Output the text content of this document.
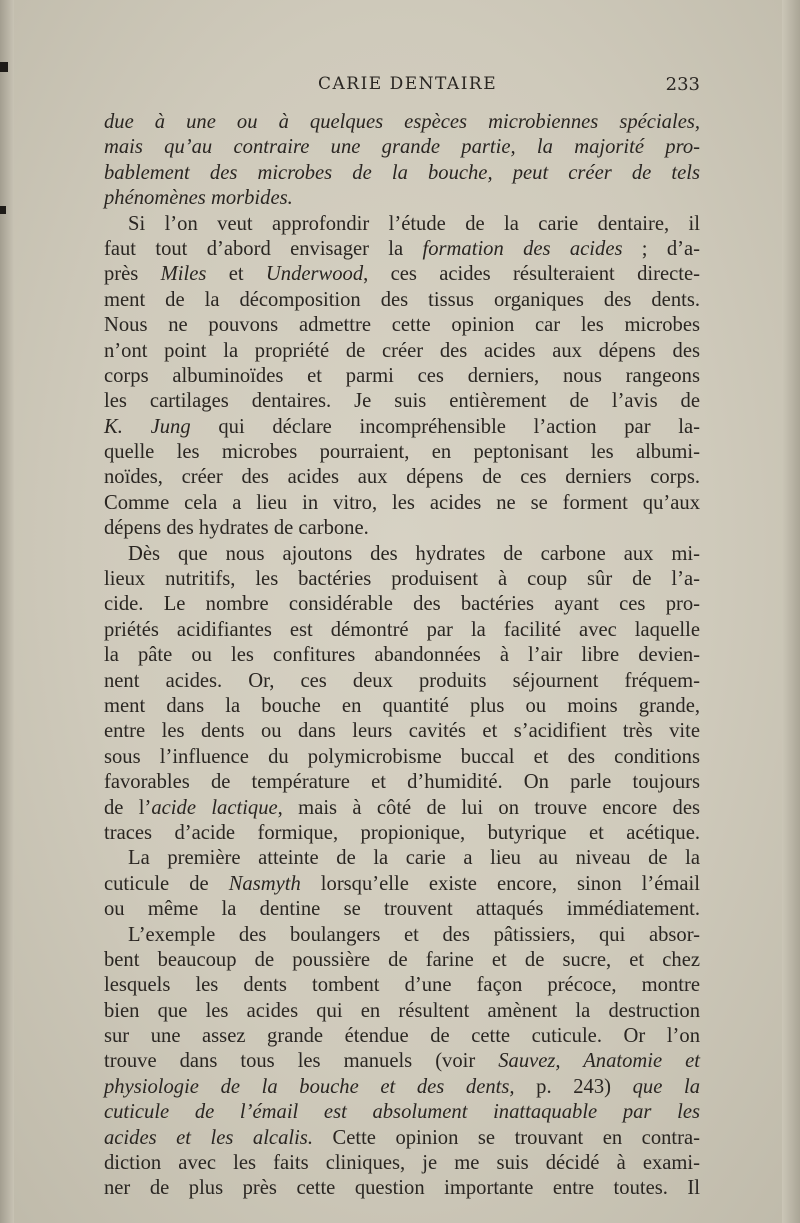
CARIE DENTAIRE	233
due à une ou à quelques espèces microbiennes spéciales,
mais qu’au contraire une grande partie, la majorité pro-
bablement des microbes de la bouche, peut créer de tels
phénomènes morbides.
Si l’on veut approfondir l’étude de la carie dentaire, il
faut tout d’abord envisager la formation des acides ; d’a-
près Miles et Underwood, ces acides résulteraient directe-
ment de la décomposition des tissus organiques des dents.
Nous ne pouvons admettre cette opinion car les microbes
n’ont point la propriété de créer des acides aux dépens des
corps albuminoïdes et parmi ces derniers, nous rangeons
les cartilages dentaires. Je suis entièrement de l’avis de
K. Jung qui déclare incompréhensible l’action par la-
quelle les microbes pourraient, en peptonisant les albumi-
noïdes, créer des acides aux dépens de ces derniers corps.
Comme cela a lieu in vitro, les acides ne se forment qu’aux
dépens des hydrates de carbone.
Dès que nous ajoutons des hydrates de carbone aux mi-
lieux nutritifs, les bactéries produisent à coup sûr de l’a-
cide. Le nombre considérable des bactéries ayant ces pro-
priétés acidifiantes est démontré par la facilité avec laquelle
la pâte ou les confitures abandonnées à l’air libre devien-
nent acides. Or, ces deux produits séjournent fréquem-
ment dans la bouche en quantité plus ou moins grande,
entre les dents ou dans leurs cavités et s’acidifient très vite
sous l’influence du polymicrobisme buccal et des conditions
favorables de température et d’humidité. On parle toujours
de l’acide lactique, mais à côté de lui on trouve encore des
traces d’acide formique, propionique, butyrique et acétique.
La première atteinte de la carie a lieu au niveau de la
cuticule de Nasmyth lorsqu’elle existe encore, sinon l’émail
ou même la dentine se trouvent attaqués immédiatement.
L’exemple des boulangers et des pâtissiers, qui absor-
bent beaucoup de poussière de farine et de sucre, et chez
lesquels les dents tombent d’une façon précoce, montre
bien que les acides qui en résultent amènent la destruction
sur une assez grande étendue de cette cuticule. Or l’on
trouve dans tous les manuels (voir Sauvez, Anatomie et
physiologie de la bouche et des dents, p. 243) que la
cuticule de l’émail est absolument inattaquable par les
acides et les alcalis. Cette opinion se trouvant en contra-
diction avec les faits cliniques, je me suis décidé à exami-
ner de plus près cette question importante entre toutes. Il
